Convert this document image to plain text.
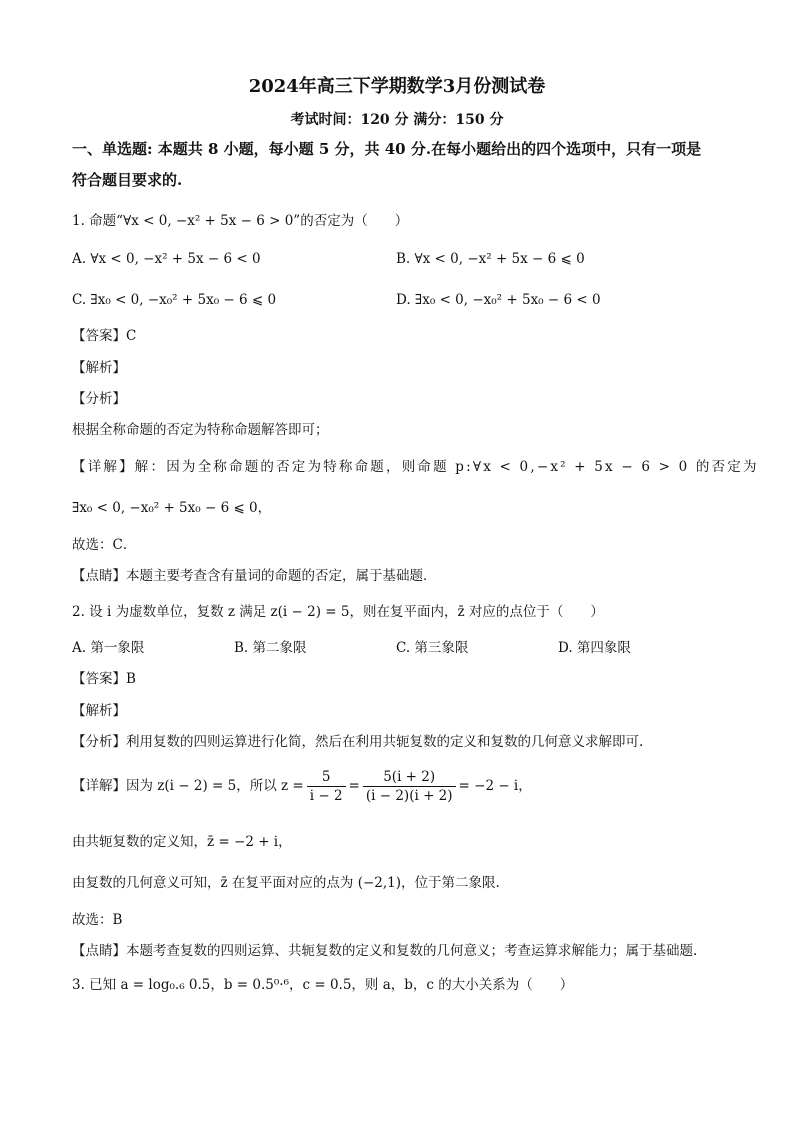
2024年高三下学期数学3月份测试卷
考试时间：120 分 满分：150 分
一、单选题: 本题共 8 小题，每小题 5 分，共 40 分.在每小题给出的四个选项中，只有一项是
符合题目要求的.
1. 命题“∀x < 0, −x² + 5x − 6 > 0”的否定为（　　）
A. ∀x < 0, −x² + 5x − 6 < 0	B. ∀x < 0, −x² + 5x − 6 ⩽ 0
C. ∃x₀ < 0, −x₀² + 5x₀ − 6 ⩽ 0	D. ∃x₀ < 0, −x₀² + 5x₀ − 6 < 0
【答案】C
【解析】
【分析】
根据全称命题的否定为特称命题解答即可；
【详解】解：因为全称命题的否定为特称命题，则命题 p:∀x < 0,−x² + 5x − 6 > 0 的否定为
∃x₀ < 0, −x₀² + 5x₀ − 6 ⩽ 0，
故选：C．
【点睛】本题主要考查含有量词的命题的否定，属于基础题．
2. 设 i 为虚数单位，复数 z 满足 z(i − 2) = 5，则在复平面内，z̄ 对应的点位于（　　）
A. 第一象限	B. 第二象限	C. 第三象限	D. 第四象限
【答案】B
【解析】
【分析】利用复数的四则运算进行化简，然后在利用共轭复数的定义和复数的几何意义求解即可.
【详解】因为 z(i − 2) = 5，所以 $z = \frac{5}{i - 2} = \frac{5(i + 2)}{(i - 2)(i + 2)} = -2 - i$，
由共轭复数的定义知，z̄ = −2 + i，
由复数的几何意义可知，z̄ 在复平面对应的点为 (−2,1)，位于第二象限.
故选：B
【点睛】本题考查复数的四则运算、共轭复数的定义和复数的几何意义；考查运算求解能力；属于基础题.
3. 已知 a = log₀.₆ 0.5，b = 0.5⁰·⁶，c = 0.5，则 a，b，c 的大小关系为（　　）
